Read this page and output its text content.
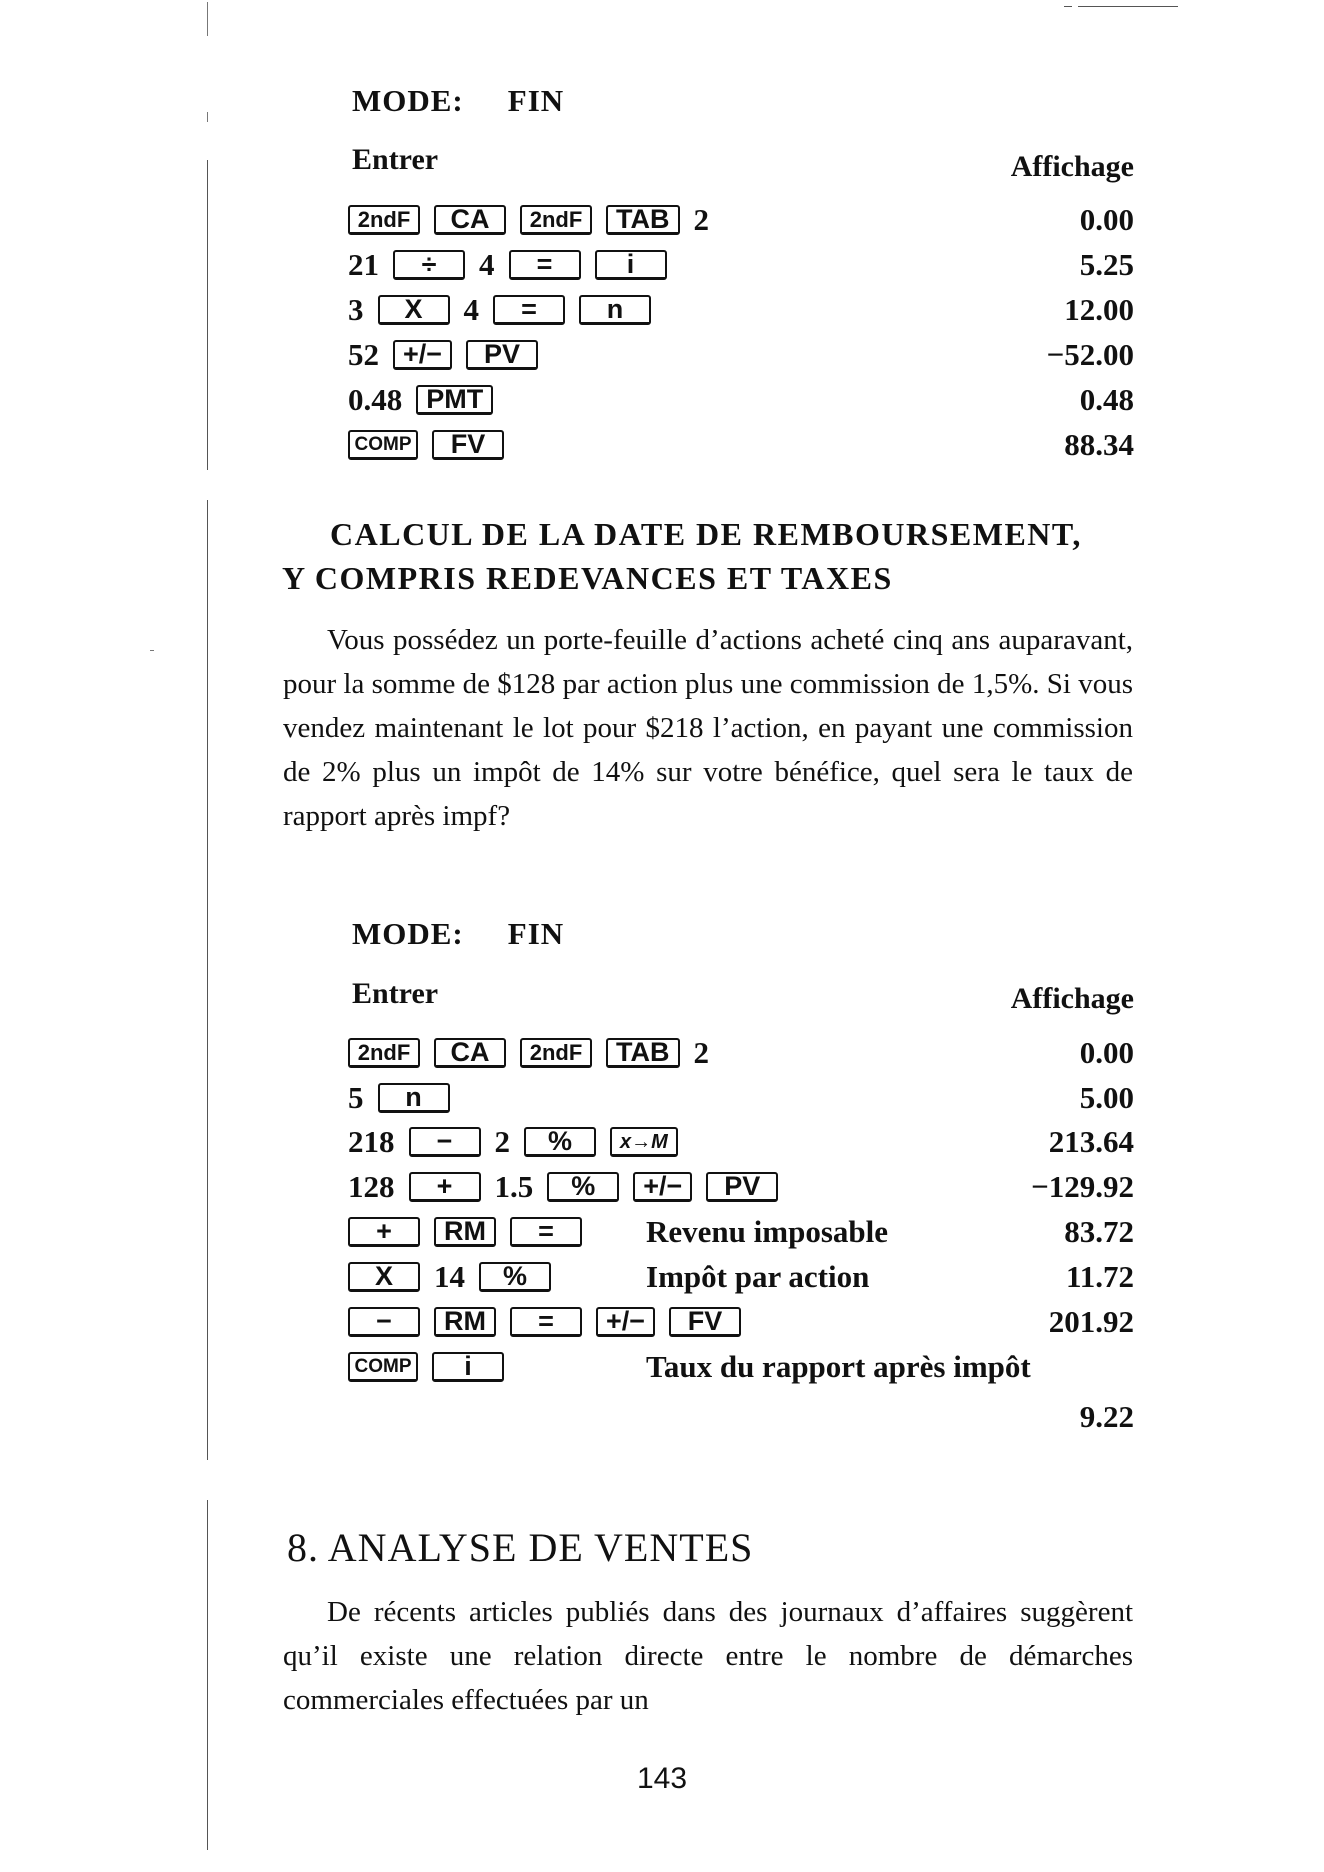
MODE: FIN
Entrer	Affichage
2ndF	CA	2ndF	TAB 2	0.00
21	÷	4	=	i	5.25
3	X	4	=	n	12.00
52 +/−	PV	−52.00
0.48 PMT	0.48
COMP	FV	88.34
CALCUL DE LA DATE DE REMBOURSEMENT,
Y COMPRIS REDEVANCES ET TAXES

Vous possédez un porte-feuille d’actions acheté cinq ans auparavant, pour la somme de $128 par action plus une commission de 1,5%. Si vous vendez maintenant le lot pour $218 l’action, en payant une commission de 2% plus un impôt de 14% sur votre bénéfice, quel sera le taux de rapport après impf?

MODE: FIN
Entrer	Affichage
2ndF	CA	2ndF	TAB 2	0.00
5	n	5.00
218	−	2	%	x→M	213.64
128	+	1.5	%	+/−	PV	−129.92
+	RM	=	Revenu imposable	83.72
X	14	%	Impôt par action	11.72
−	RM	=	+/−	FV	201.92
COMP	i	Taux du rapport après impôt
9.22
8. ANALYSE DE VENTES

De récents articles publiés dans des journaux d’affaires suggèrent qu’il existe une relation directe entre le nombre de démarches commerciales effectuées par un

143
